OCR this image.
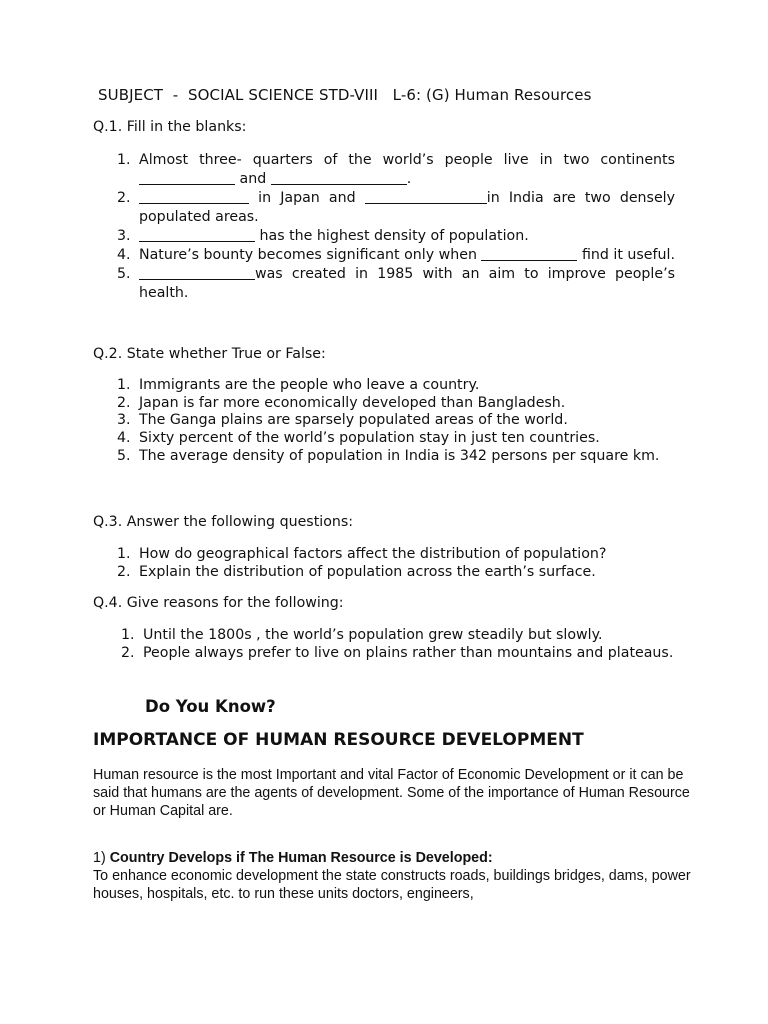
SUBJECT  -  SOCIAL SCIENCE STD-VIII   L-6: (G) Human Resources
Q.1. Fill in the blanks:
1. Almost three- quarters of the world’s people live in two continents  and	.
2.	in Japan and	in India are two densely populated areas.
3.	has the highest density of population.
4. Nature’s bounty becomes significant only when	find it useful.
5.	was created in 1985 with an aim to improve people’s health.
Q.2. State whether True or False:
1. Immigrants are the people who leave a country.
2. Japan is far more economically developed than Bangladesh.
3. The Ganga plains are sparsely populated areas of the world.
4. Sixty percent of the world’s population stay in just ten countries.
5. The average density of population in India is 342 persons per square km.
Q.3. Answer the following questions:
1. How do geographical factors affect the distribution of population?
2. Explain the distribution of population across the earth’s surface.
Q.4. Give reasons for the following:
1. Until the 1800s , the world’s population grew steadily but slowly.
2. People always prefer to live on plains rather than mountains and plateaus.
Do You Know?
IMPORTANCE OF HUMAN RESOURCE DEVELOPMENT
Human resource is the most Important and vital Factor of Economic Development or it can be said that humans are the agents of development. Some of the importance of Human Resource or Human Capital are.
1) Country Develops if The Human Resource is Developed:
To enhance economic development the state constructs roads, buildings bridges, dams, power houses, hospitals, etc. to run these units doctors, engineers,
